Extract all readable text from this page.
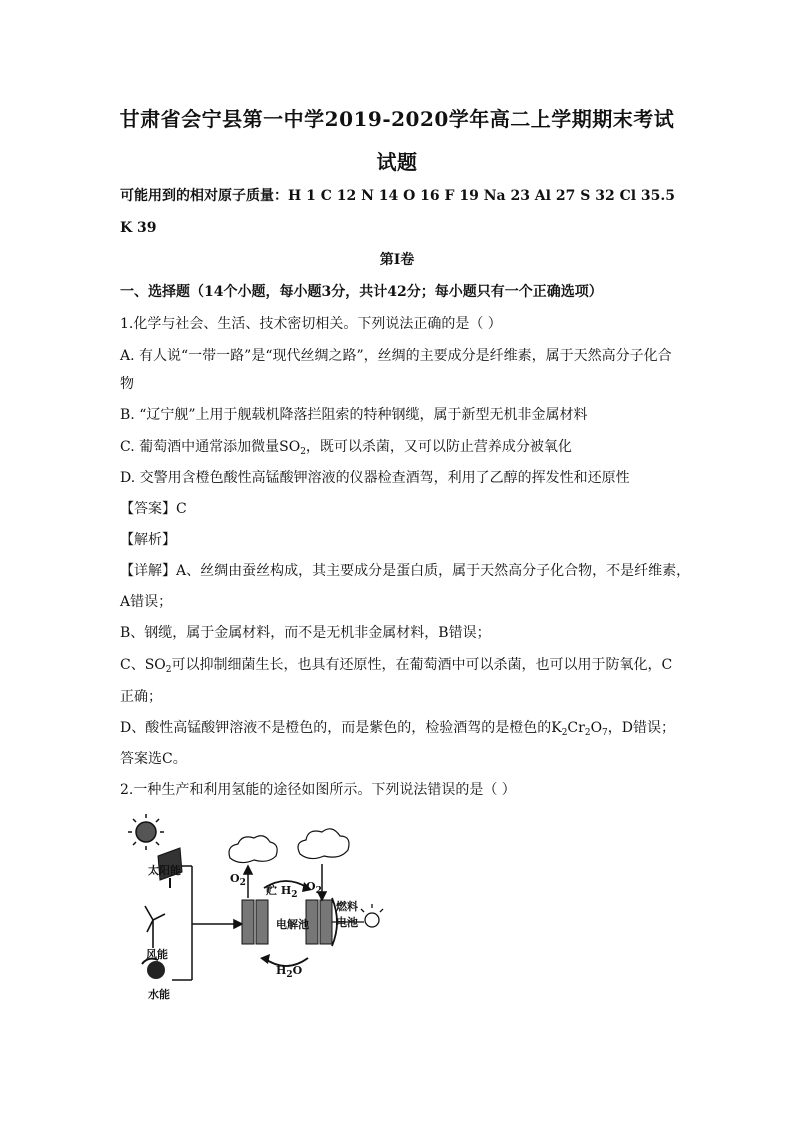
甘肃省会宁县第一中学2019-2020学年高二上学期期末考试
试题
可能用到的相对原子质量：H 1 C 12 N 14 O 16 F 19 Na 23 Al 27 S 32 Cl 35.5
K 39
第Ⅰ卷
一、选择题（14个小题，每小题3分，共计42分；每小题只有一个正确选项）
1.化学与社会、生活、技术密切相关。下列说法正确的是（ ）
A. 有人说“一带一路”是“现代丝绸之路”，丝绸的主要成分是纤维素，属于天然高分子化合
物
B. “辽宁舰”上用于舰载机降落拦阻索的特种钢缆，属于新型无机非金属材料
C. 葡萄酒中通常添加微量$SO_2$，既可以杀菌，又可以防止营养成分被氧化
D. 交警用含橙色酸性高锰酸钾溶液的仪器检查酒驾，利用了乙醇的挥发性和还原性
【答案】C
【解析】
【详解】A、丝绸由蚕丝构成，其主要成分是蛋白质，属于天然高分子化合物，不是纤维素，
A错误；
B、钢缆，属于金属材料，而不是无机非金属材料，B错误；
C、$SO_2$可以抑制细菌生长，也具有还原性，在葡萄酒中可以杀菌，也可以用于防氧化，C
正确；
D、酸性高锰酸钾溶液不是橙色的，而是紫色的，检验酒驾的是橙色的$K_2Cr_2O_7$，D错误；
答案选C。
2.一种生产和利用氢能的途径如图所示。下列说法错误的是（ ）
太阳能
风能
水能
$O_2$
贮 $H_2$
电解池
$O_2$
燃料
电池
$H_2O$
